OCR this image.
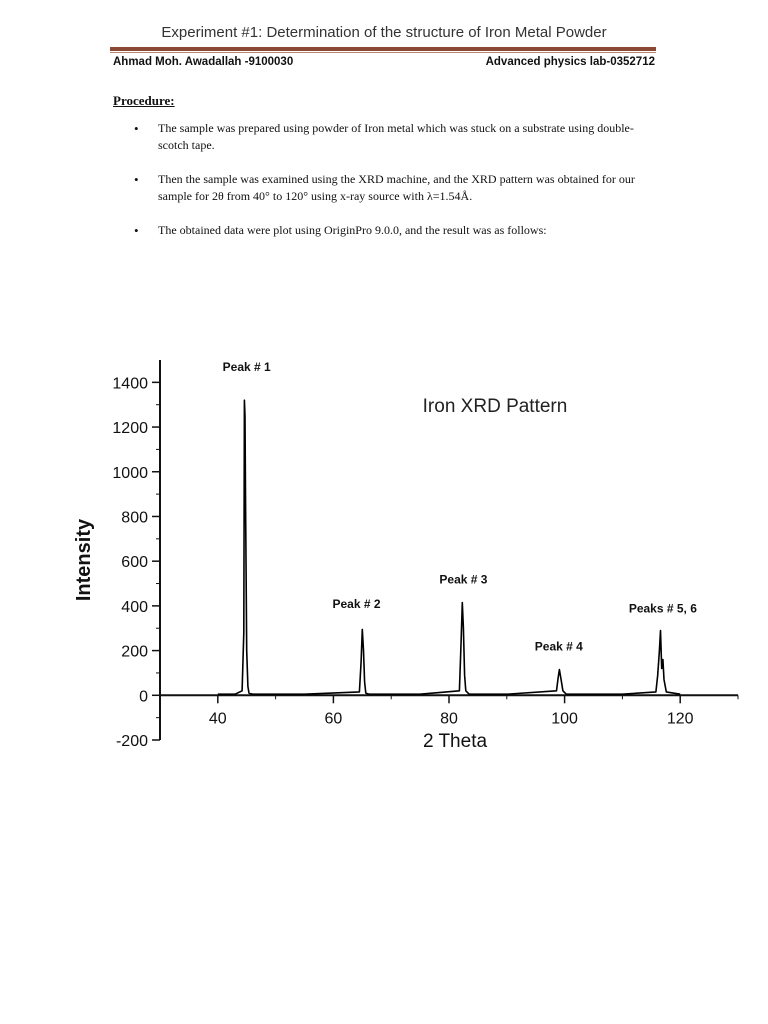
Experiment #1: Determination of the structure of Iron Metal Powder
Ahmad Moh. Awadallah -9100030	Advanced physics lab-0352712
Procedure:
• The sample was prepared using powder of Iron metal which was stuck on a substrate using double-scotch tape.
• Then the sample was examined using the XRD machine, and the XRD pattern was obtained for our sample for 2θ from 40° to 120° using x-ray source with λ=1.54Å.
• The obtained data were plot using OriginPro 9.0.0, and the result was as follows:
Iron XRD Pattern
Intensity
2 Theta
-200
0
200
400
600
800
1000
1200
1400
40	60	80	100	120
Peak # 1
Peak # 2
Peak # 3
Peak # 4
Peaks # 5, 6
